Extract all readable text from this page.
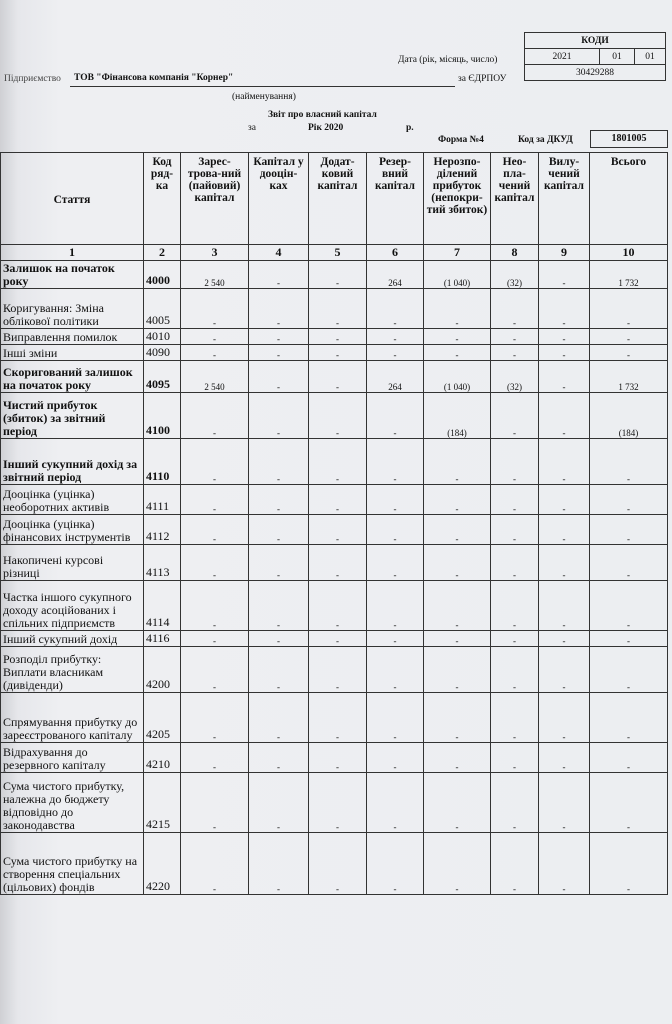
КОДИ
2021	01	01
30429288
Дата (рік, місяць, число)
Підприємство ТОВ "Фінансова компанія "Корнер"	за ЄДРПОУ
(найменування)
Звіт про власний капітал
за	Рік 2020	р.
Форма №4	Код за ДКУД	1801005
Стаття	Код ряд-ка	Зарес-трова-ний (пайовий) капітал	Капітал у дооцін-ках	Додат-ковий капітал	Резер-вний капітал	Нерозпо-ділений прибуток (непокри-тий збиток)	Нео-пла-чений капітал	Вилу-чений капітал	Всього
1	2	3	4	5	6	7	8	9	10
Залишок на початок року	4000	2 540	-	-	264	(1 040)	(32)	-	1 732
Коригування: Зміна облікової політики	4005	-	-	-	-	-	-	-	-
Виправлення помилок	4010	-	-	-	-	-	-	-	-
Інші зміни	4090	-	-	-	-	-	-	-	-
Скоригований залишок на початок року	4095	2 540	-	-	264	(1 040)	(32)	-	1 732
Чистий прибуток (збиток) за звітний період	4100	-	-	-	-	(184)	-	-	(184)
Інший сукупний дохід за звітний період	4110	-	-	-	-	-	-	-	-
Дооцінка (уцінка) необоротних активів	4111	-	-	-	-	-	-	-	-
Дооцінка (уцінка) фінансових інструментів	4112	-	-	-	-	-	-	-	-
Накопичені курсові різниці	4113	-	-	-	-	-	-	-	-
Частка іншого сукупного доходу асоційованих і спільних підприємств	4114	-	-	-	-	-	-	-	-
Інший сукупний дохід	4116	-	-	-	-	-	-	-	-
Розподіл прибутку: Виплати власникам (дивіденди)	4200	-	-	-	-	-	-	-	-
Спрямування прибутку до зареєстрованого капіталу	4205	-	-	-	-	-	-	-	-
Відрахування до резервного капіталу	4210	-	-	-	-	-	-	-	-
Сума чистого прибутку, належна до бюджету відповідно до законодавства	4215	-	-	-	-	-	-	-	-
Сума чистого прибутку на створення спеціальних (цільових) фондів	4220	-	-	-	-	-	-	-	-
